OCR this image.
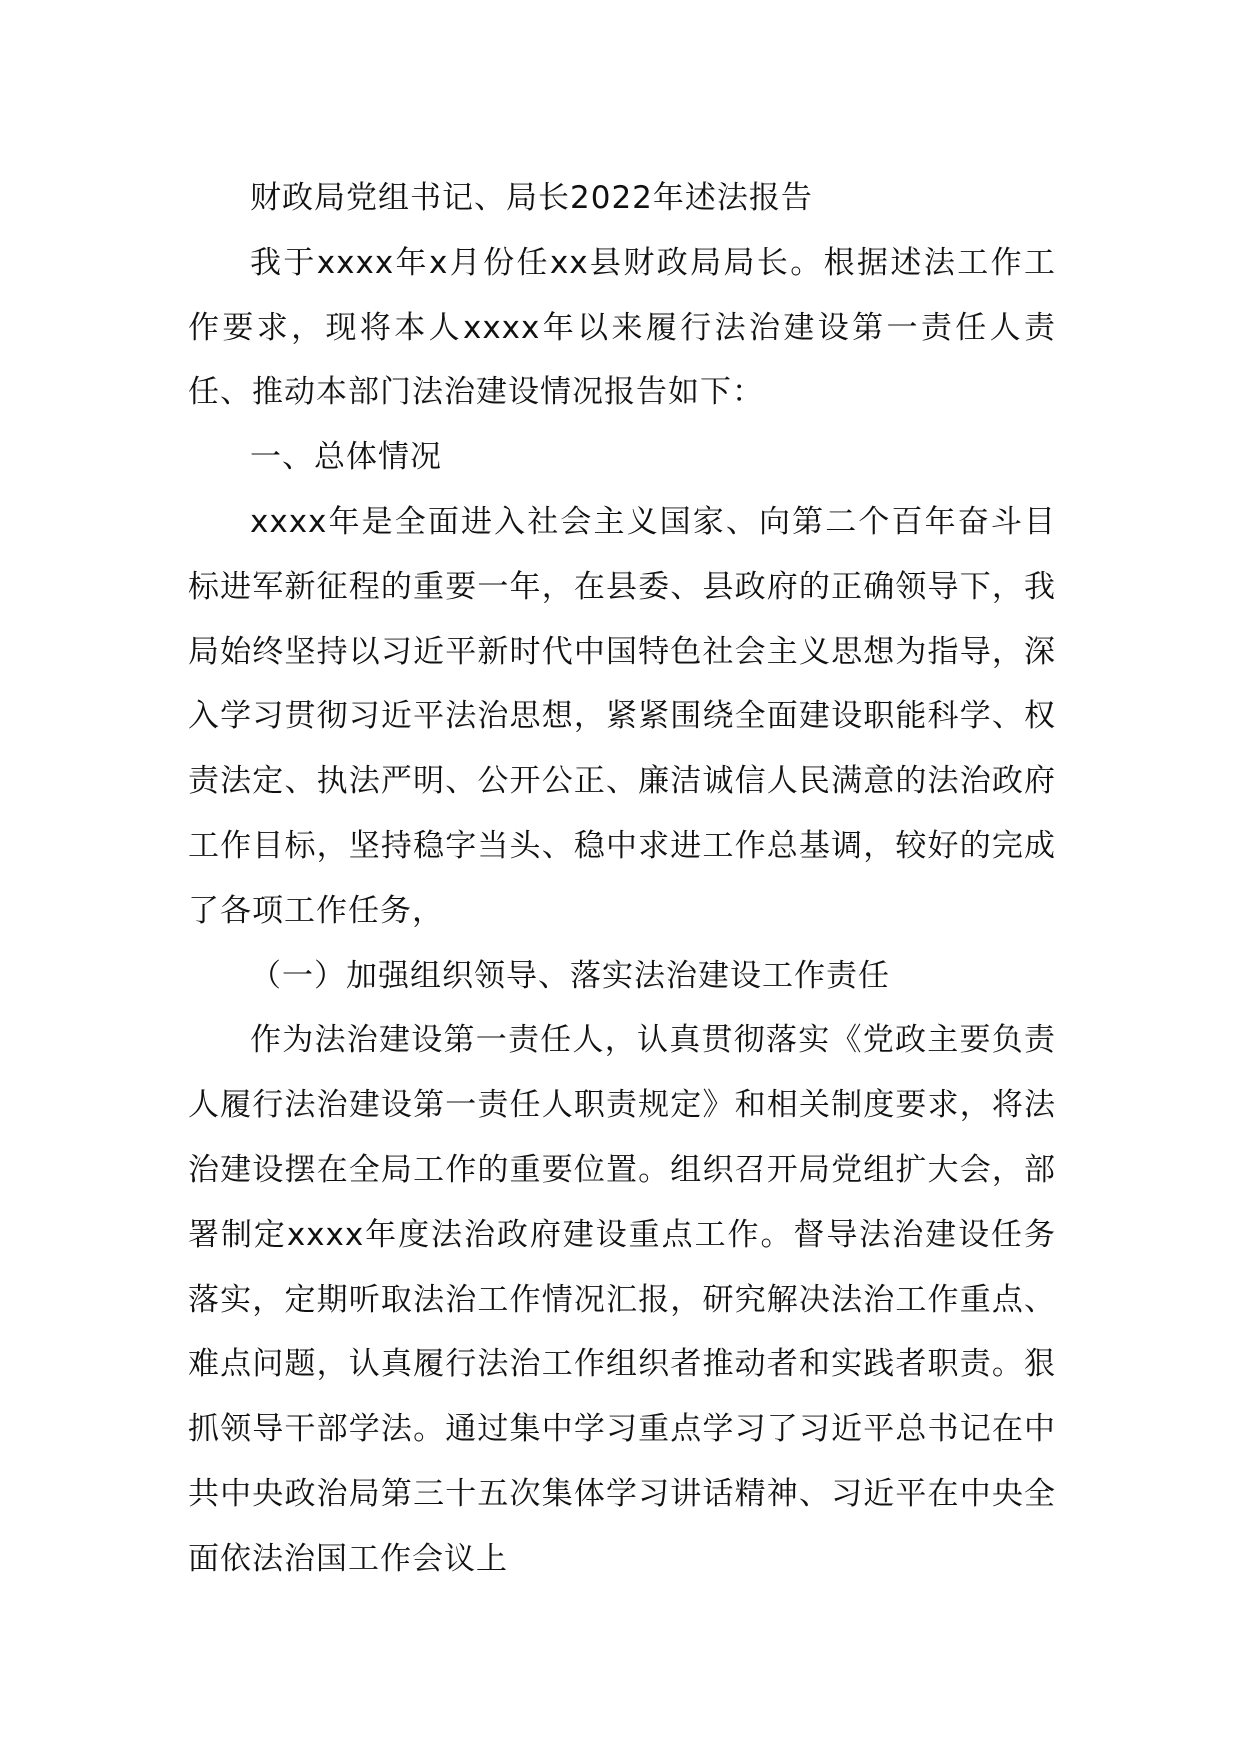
财政局党组书记、局长2022年述法报告

我于xxxx年x月份任xx县财政局局长。根据述法工作工作要求，现将本人xxxx年以来履行法治建设第一责任人责任、推动本部门法治建设情况报告如下：

一、总体情况

xxxx年是全面进入社会主义国家、向第二个百年奋斗目标进军新征程的重要一年，在县委、县政府的正确领导下，我局始终坚持以习近平新时代中国特色社会主义思想为指导，深入学习贯彻习近平法治思想，紧紧围绕全面建设职能科学、权责法定、执法严明、公开公正、廉洁诚信人民满意的法治政府工作目标，坚持稳字当头、稳中求进工作总基调，较好的完成了各项工作任务，

（一）加强组织领导、落实法治建设工作责任

作为法治建设第一责任人，认真贯彻落实《党政主要负责人履行法治建设第一责任人职责规定》和相关制度要求，将法治建设摆在全局工作的重要位置。组织召开局党组扩大会，部署制定xxxx年度法治政府建设重点工作。督导法治建设任务落实，定期听取法治工作情况汇报，研究解决法治工作重点、难点问题，认真履行法治工作组织者推动者和实践者职责。狠抓领导干部学法。通过集中学习重点学习了习近平总书记在中共中央政治局第三十五次集体学习讲话精神、习近平在中央全面依法治国工作会议上
